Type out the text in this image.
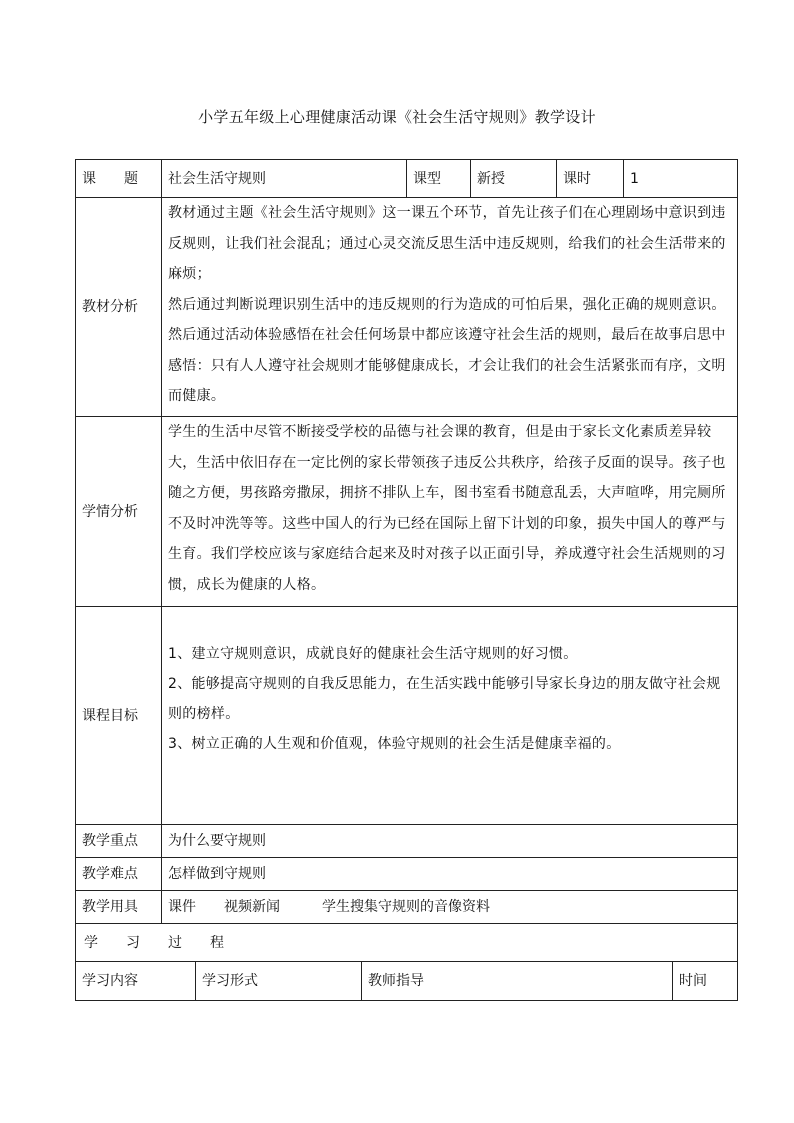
小学五年级上心理健康活动课《社会生活守规则》教学设计
课　　题	社会生活守规则	课型	新授	课时	1
教材分析	教材通过主题《社会生活守规则》这一课五个环节，首先让孩子们在心理剧场中意识到违反规则，让我们社会混乱；通过心灵交流反思生活中违反规则，给我们的社会生活带来的麻烦；
然后通过判断说理识别生活中的违反规则的行为造成的可怕后果，强化正确的规则意识。然后通过活动体验感悟在社会任何场景中都应该遵守社会生活的规则，最后在故事启思中感悟：只有人人遵守社会规则才能够健康成长，才会让我们的社会生活紧张而有序，文明而健康。				

学情分析	学生的生活中尽管不断接受学校的品德与社会课的教育，但是由于家长文化素质差异较大，生活中依旧存在一定比例的家长带领孩子违反公共秩序，给孩子反面的误导。孩子也随之方便，男孩路旁撒尿，拥挤不排队上车，图书室看书随意乱丢，大声喧哗，用完厕所不及时冲洗等等。这些中国人的行为已经在国际上留下计划的印象，损失中国人的尊严与生育。我们学校应该与家庭结合起来及时对孩子以正面引导，养成遵守社会生活规则的习惯，成长为健康的人格。				

课程目标	1、建立守规则意识，成就良好的健康社会生活守规则的好习惯。
2、能够提高守规则的自我反思能力，在生活实践中能够引导家长身边的朋友做守社会规则的榜样。
3、树立正确的人生观和价值观，体验守规则的社会生活是健康幸福的。				

教学重点	为什么要守规则				
教学难点	怎样做到守规则				
教学用具	课件　　视频新闻　　　学生搜集守规则的音像资料				
学　　习　　过　　程					
学习内容	学习形式	教师指导	时间
